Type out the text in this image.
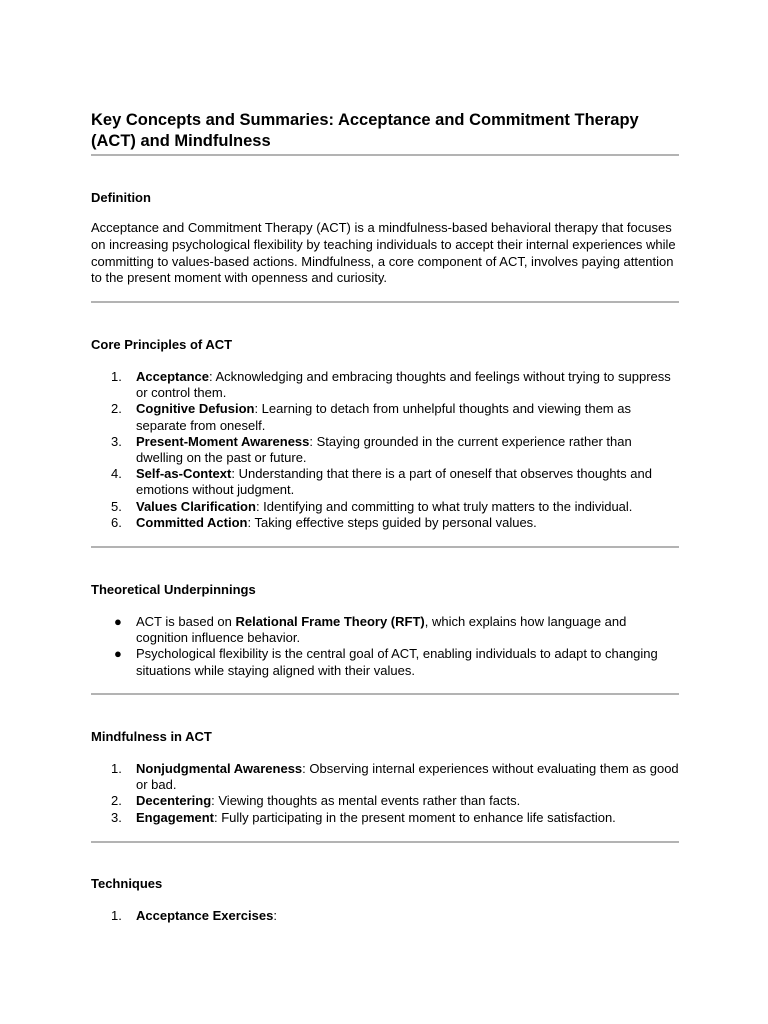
Key Concepts and Summaries: Acceptance and Commitment Therapy (ACT) and Mindfulness
Definition

Acceptance and Commitment Therapy (ACT) is a mindfulness-based behavioral therapy that focuses on increasing psychological flexibility by teaching individuals to accept their internal experiences while committing to values-based actions. Mindfulness, a core component of ACT, involves paying attention to the present moment with openness and curiosity.

Core Principles of ACT
1. Acceptance: Acknowledging and embracing thoughts and feelings without trying to suppress or control them.
2. Cognitive Defusion: Learning to detach from unhelpful thoughts and viewing them as separate from oneself.
3. Present-Moment Awareness: Staying grounded in the current experience rather than dwelling on the past or future.
4. Self-as-Context: Understanding that there is a part of oneself that observes thoughts and emotions without judgment.
5. Values Clarification: Identifying and committing to what truly matters to the individual.
6. Committed Action: Taking effective steps guided by personal values.
Theoretical Underpinnings
● ACT is based on Relational Frame Theory (RFT), which explains how language and cognition influence behavior.
● Psychological flexibility is the central goal of ACT, enabling individuals to adapt to changing situations while staying aligned with their values.
Mindfulness in ACT
1. Nonjudgmental Awareness: Observing internal experiences without evaluating them as good or bad.
2. Decentering: Viewing thoughts as mental events rather than facts.
3. Engagement: Fully participating in the present moment to enhance life satisfaction.
Techniques
1. Acceptance Exercises:
